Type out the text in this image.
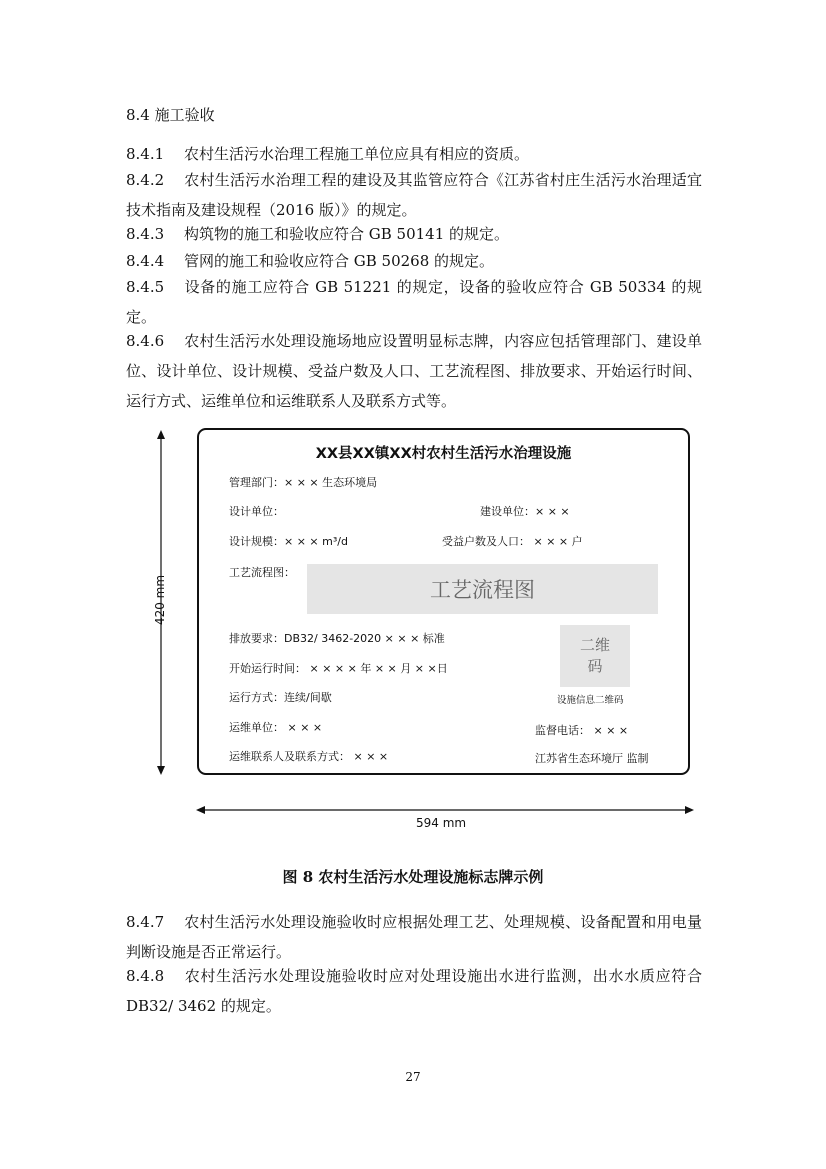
8.4 施工验收
8.4.1 农村生活污水治理工程施工单位应具有相应的资质。
8.4.2 农村生活污水治理工程的建设及其监管应符合《江苏省村庄生活污水治理适宜技术指南及建设规程（2016 版）》的规定。
8.4.3 构筑物的施工和验收应符合 GB 50141 的规定。
8.4.4 管网的施工和验收应符合 GB 50268 的规定。
8.4.5 设备的施工应符合 GB 51221 的规定，设备的验收应符合 GB 50334 的规定。
8.4.6 农村生活污水处理设施场地应设置明显标志牌，内容应包括管理部门、建设单位、设计单位、设计规模、受益户数及人口、工艺流程图、排放要求、开始运行时间、运行方式、运维单位和运维联系人及联系方式等。
420 mm
594 mm
XX县XX镇XX村农村生活污水治理设施
管理部门：× × × 生态环境局
设计单位：	建设单位：× × ×
设计规模：× × × m³/d	受益户数及人口： × × × 户
工艺流程图：
工艺流程图
排放要求：DB32/ 3462-2020 × × × 标准
开始运行时间： × × × × 年 × × 月 × ×日
运行方式：连续/间歇
二维
码
设施信息二维码
运维单位： × × ×	监督电话： × × ×
运维联系人及联系方式： × × ×	江苏省生态环境厅 监制
图 8 农村生活污水处理设施标志牌示例
8.4.7 农村生活污水处理设施验收时应根据处理工艺、处理规模、设备配置和用电量判断设施是否正常运行。
8.4.8 农村生活污水处理设施验收时应对处理设施出水进行监测，出水水质应符合 DB32/ 3462 的规定。
27
